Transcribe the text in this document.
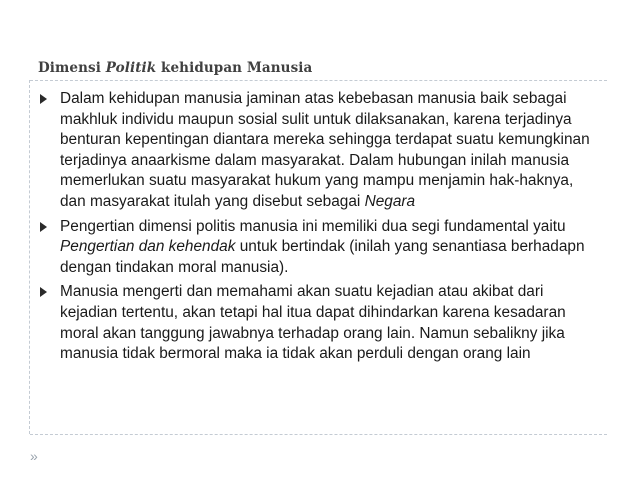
Dimensi Politik kehidupan Manusia
Dalam kehidupan manusia jaminan atas kebebasan manusia baik sebagai makhluk individu maupun sosial sulit untuk dilaksanakan, karena terjadinya benturan kepentingan diantara mereka sehingga terdapat suatu kemungkinan terjadinya anaarkisme dalam masyarakat. Dalam hubungan inilah manusia memerlukan suatu masyarakat hukum yang mampu menjamin hak-haknya, dan masyarakat itulah yang disebut sebagai Negara
Pengertian dimensi politis manusia ini memiliki dua segi fundamental yaitu Pengertian dan kehendak untuk bertindak (inilah yang senantiasa berhadapn dengan tindakan moral manusia).
Manusia mengerti dan memahami akan suatu kejadian atau akibat dari kejadian tertentu, akan tetapi hal itua dapat dihindarkan karena kesadaran moral akan tanggung jawabnya terhadap orang lain. Namun sebalikny jika manusia tidak bermoral maka ia tidak akan perduli dengan orang lain
»
